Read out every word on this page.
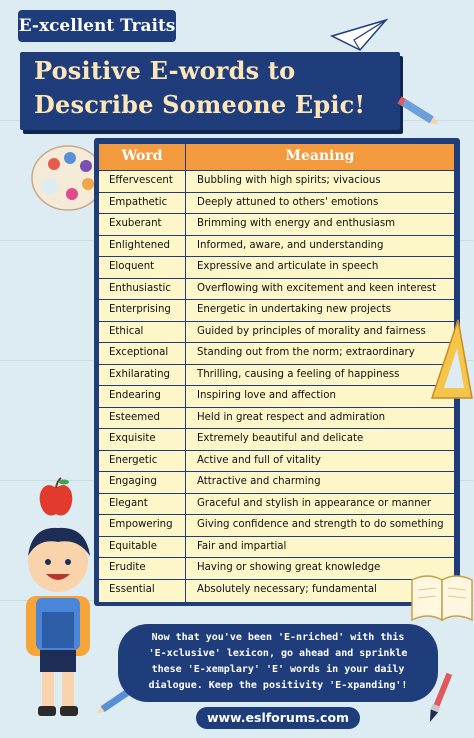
E-xcellent Traits
Positive E-words to
Describe Someone Epic!
Word	Meaning
Effervescent Bubbling with high spirits; vivacious
Empathetic	Deeply attuned to others' emotions
Exuberant	Brimming with energy and enthusiasm
Enlightened	Informed, aware, and understanding
Eloquent	Expressive and articulate in speech
Enthusiastic	Overflowing with excitement and keen interest
Enterprising	Energetic in undertaking new projects
Ethical	Guided by principles of morality and fairness
Exceptional	Standing out from the norm; extraordinary
Exhilarating	Thrilling, causing a feeling of happiness
Endearing	Inspiring love and affection
Esteemed	Held in great respect and admiration
Exquisite	Extremely beautiful and delicate
Energetic	Active and full of vitality
Engaging	Attractive and charming
Elegant	Graceful and stylish in appearance or manner
Empowering Giving confidence and strength to do something
Equitable	Fair and impartial
Erudite	Having or showing great knowledge
Essential	Absolutely necessary; fundamental
Now that you've been 'E-nriched' with this
'E-xclusive' lexicon, go ahead and sprinkle
these 'E-xemplary' 'E' words in your daily
dialogue. Keep the positivity 'E-xpanding'!
www.eslforums.com
